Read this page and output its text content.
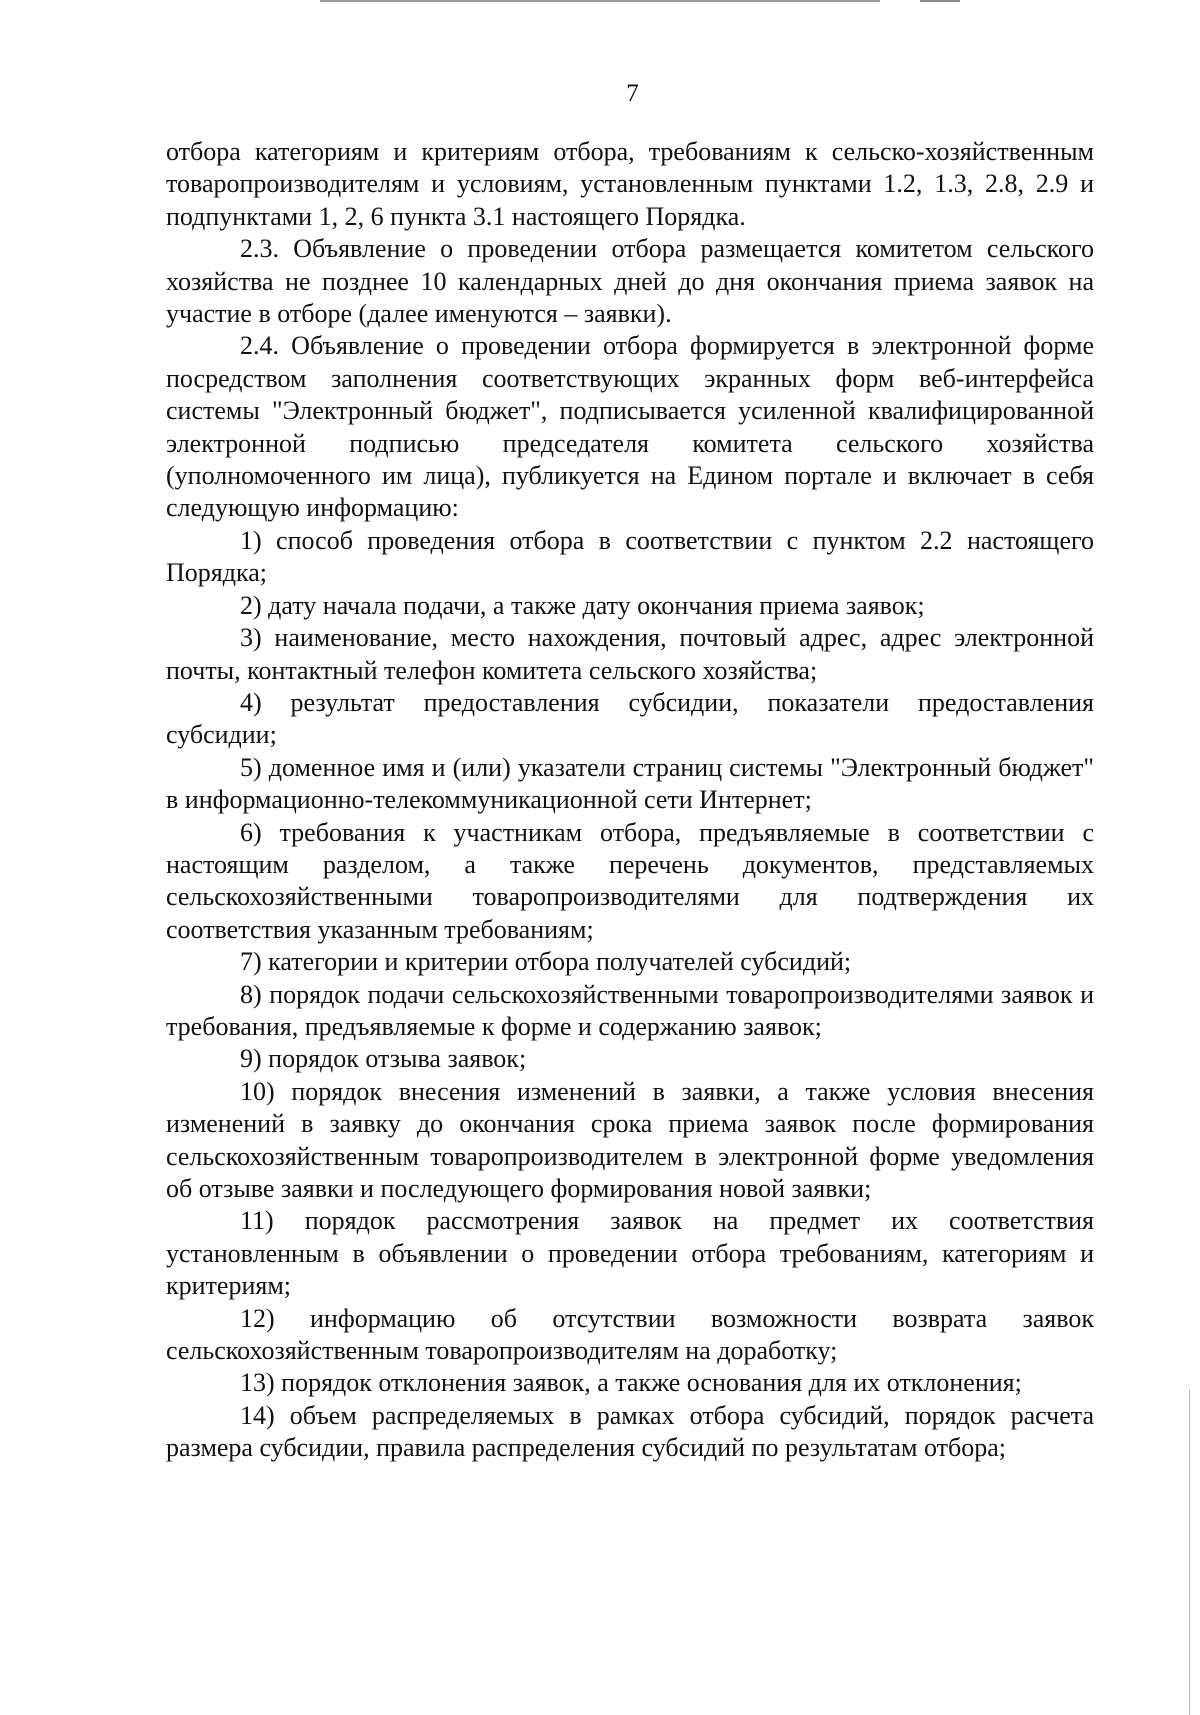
7

отбора категориям и критериям отбора, требованиям к сельско-хозяйственным товаропроизводителям и условиям, установленным пунктами 1.2, 1.3, 2.8, 2.9 и подпунктами 1, 2, 6 пункта 3.1 настоящего Порядка.

2.3. Объявление о проведении отбора размещается комитетом сельского хозяйства не позднее 10 календарных дней до дня окончания приема заявок на участие в отборе (далее именуются – заявки).

2.4. Объявление о проведении отбора формируется в электронной форме посредством заполнения соответствующих экранных форм веб-интерфейса системы "Электронный бюджет", подписывается усиленной квалифицированной электронной подписью председателя комитета сельского хозяйства (уполномоченного им лица), публикуется на Едином портале и включает в себя следующую информацию:

1) способ проведения отбора в соответствии с пунктом 2.2 настоящего Порядка;

2) дату начала подачи, а также дату окончания приема заявок;

3) наименование, место нахождения, почтовый адрес, адрес электронной почты, контактный телефон комитета сельского хозяйства;

4) результат предоставления субсидии, показатели предоставления субсидии;

5) доменное имя и (или) указатели страниц системы "Электронный бюджет" в информационно-телекоммуникационной сети Интернет;

6) требования к участникам отбора, предъявляемые в соответствии с настоящим разделом, а также перечень документов, представляемых сельскохозяйственными товаропроизводителями для подтверждения их соответствия указанным требованиям;

7) категории и критерии отбора получателей субсидий;

8) порядок подачи сельскохозяйственными товаропроизводителями заявок и требования, предъявляемые к форме и содержанию заявок;

9) порядок отзыва заявок;

10) порядок внесения изменений в заявки, а также условия внесения изменений в заявку до окончания срока приема заявок после формирования сельскохозяйственным товаропроизводителем в электронной форме уведомления об отзыве заявки и последующего формирования новой заявки;

11) порядок рассмотрения заявок на предмет их соответствия установленным в объявлении о проведении отбора требованиям, категориям и критериям;

12) информацию об отсутствии возможности возврата заявок сельскохозяйственным товаропроизводителям на доработку;

13) порядок отклонения заявок, а также основания для их отклонения;

14) объем распределяемых в рамках отбора субсидий, порядок расчета размера субсидии, правила распределения субсидий по результатам отбора;
